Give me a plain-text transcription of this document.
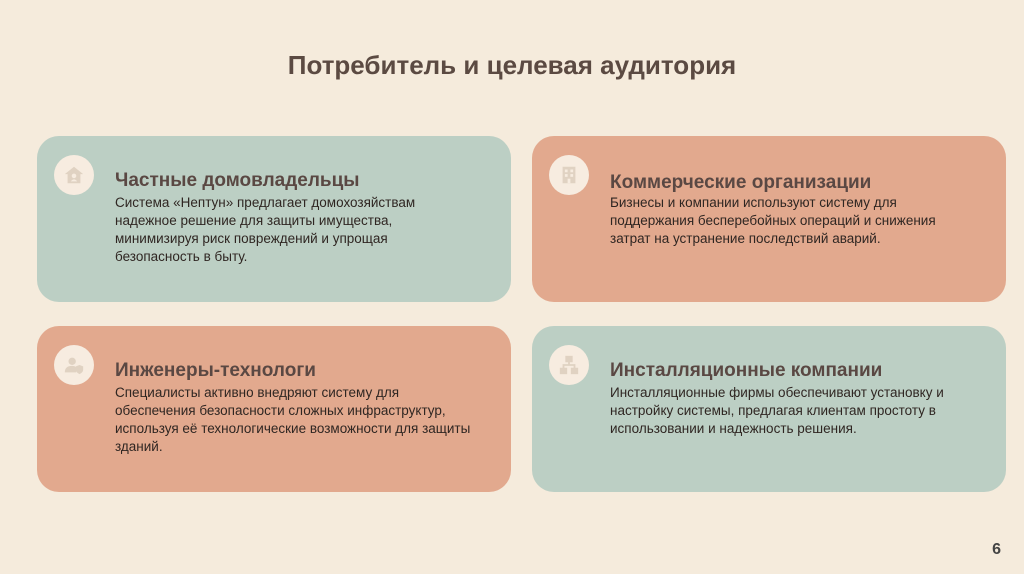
Потребитель и целевая аудитория
Частные домовладельцы
Система «Нептун» предлагает домохозяйствам надежное решение для защиты имущества, минимизируя риск повреждений и упрощая безопасность в быту.
Коммерческие организации
Бизнесы и компании используют систему для поддержания бесперебойных операций и снижения затрат на устранение последствий аварий.
Инженеры-технологи
Специалисты активно внедряют систему для обеспечения безопасности сложных инфраструктур, используя её технологические возможности для защиты зданий.
Инсталляционные компании
Инсталляционные фирмы обеспечивают установку и настройку системы, предлагая клиентам простоту в использовании и надежность решения.
6
